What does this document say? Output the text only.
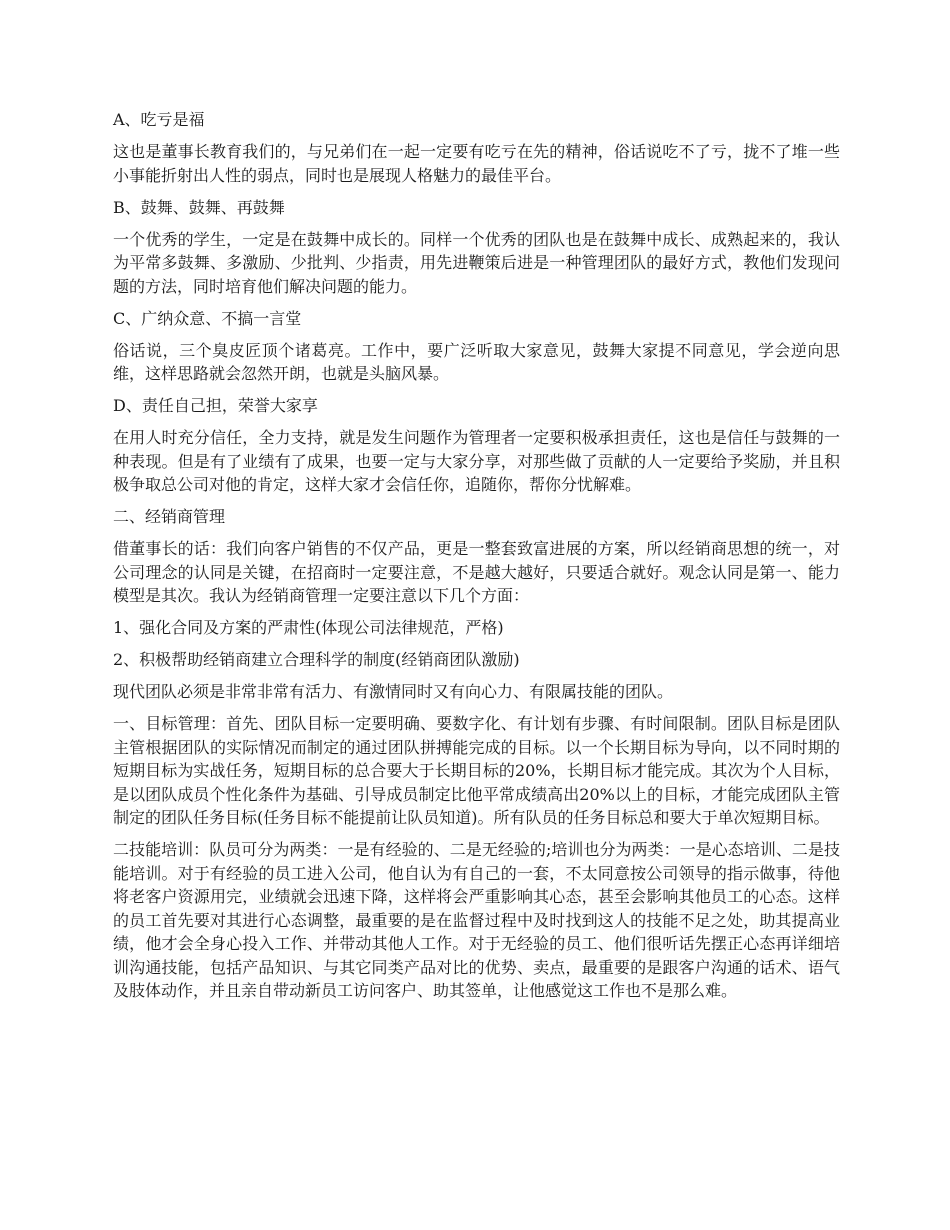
A、吃亏是福

这也是董事长教育我们的，与兄弟们在一起一定要有吃亏在先的精神，俗话说吃不了亏，拢不了堆一些小事能折射出人性的弱点，同时也是展现人格魅力的最佳平台。

B、鼓舞、鼓舞、再鼓舞

一个优秀的学生，一定是在鼓舞中成长的。同样一个优秀的团队也是在鼓舞中成长、成熟起来的，我认为平常多鼓舞、多激励、少批判、少指责，用先进鞭策后进是一种管理团队的最好方式，教他们发现问题的方法，同时培育他们解决问题的能力。

C、广纳众意、不搞一言堂

俗话说，三个臭皮匠顶个诸葛亮。工作中，要广泛听取大家意见，鼓舞大家提不同意见，学会逆向思维，这样思路就会忽然开朗，也就是头脑风暴。

D、责任自己担，荣誉大家享

在用人时充分信任，全力支持，就是发生问题作为管理者一定要积极承担责任，这也是信任与鼓舞的一种表现。但是有了业绩有了成果，也要一定与大家分享，对那些做了贡献的人一定要给予奖励，并且积极争取总公司对他的肯定，这样大家才会信任你，追随你，帮你分忧解难。

二、经销商管理

借董事长的话：我们向客户销售的不仅产品，更是一整套致富进展的方案，所以经销商思想的统一，对公司理念的认同是关键，在招商时一定要注意，不是越大越好，只要适合就好。观念认同是第一、能力模型是其次。我认为经销商管理一定要注意以下几个方面：

1、强化合同及方案的严肃性(体现公司法律规范，严格)

2、积极帮助经销商建立合理科学的制度(经销商团队激励)

现代团队必须是非常非常有活力、有激情同时又有向心力、有限属技能的团队。

一、目标管理：首先、团队目标一定要明确、要数字化、有计划有步骤、有时间限制。团队目标是团队主管根据团队的实际情况而制定的通过团队拼搏能完成的目标。以一个长期目标为导向，以不同时期的短期目标为实战任务，短期目标的总合要大于长期目标的20%，长期目标才能完成。其次为个人目标，是以团队成员个性化条件为基础、引导成员制定比他平常成绩高出20%以上的目标，才能完成团队主管制定的团队任务目标(任务目标不能提前让队员知道)。所有队员的任务目标总和要大于单次短期目标。

二技能培训：队员可分为两类：一是有经验的、二是无经验的;培训也分为两类：一是心态培训、二是技能培训。对于有经验的员工进入公司，他自认为有自己的一套，不太同意按公司领导的指示做事，待他将老客户资源用完，业绩就会迅速下降，这样将会严重影响其心态，甚至会影响其他员工的心态。这样的员工首先要对其进行心态调整，最重要的是在监督过程中及时找到这人的技能不足之处，助其提高业绩，他才会全身心投入工作、并带动其他人工作。对于无经验的员工、他们很听话先摆正心态再详细培训沟通技能，包括产品知识、与其它同类产品对比的优势、卖点，最重要的是跟客户沟通的话术、语气及肢体动作，并且亲自带动新员工访问客户、助其签单，让他感觉这工作也不是那么难。
